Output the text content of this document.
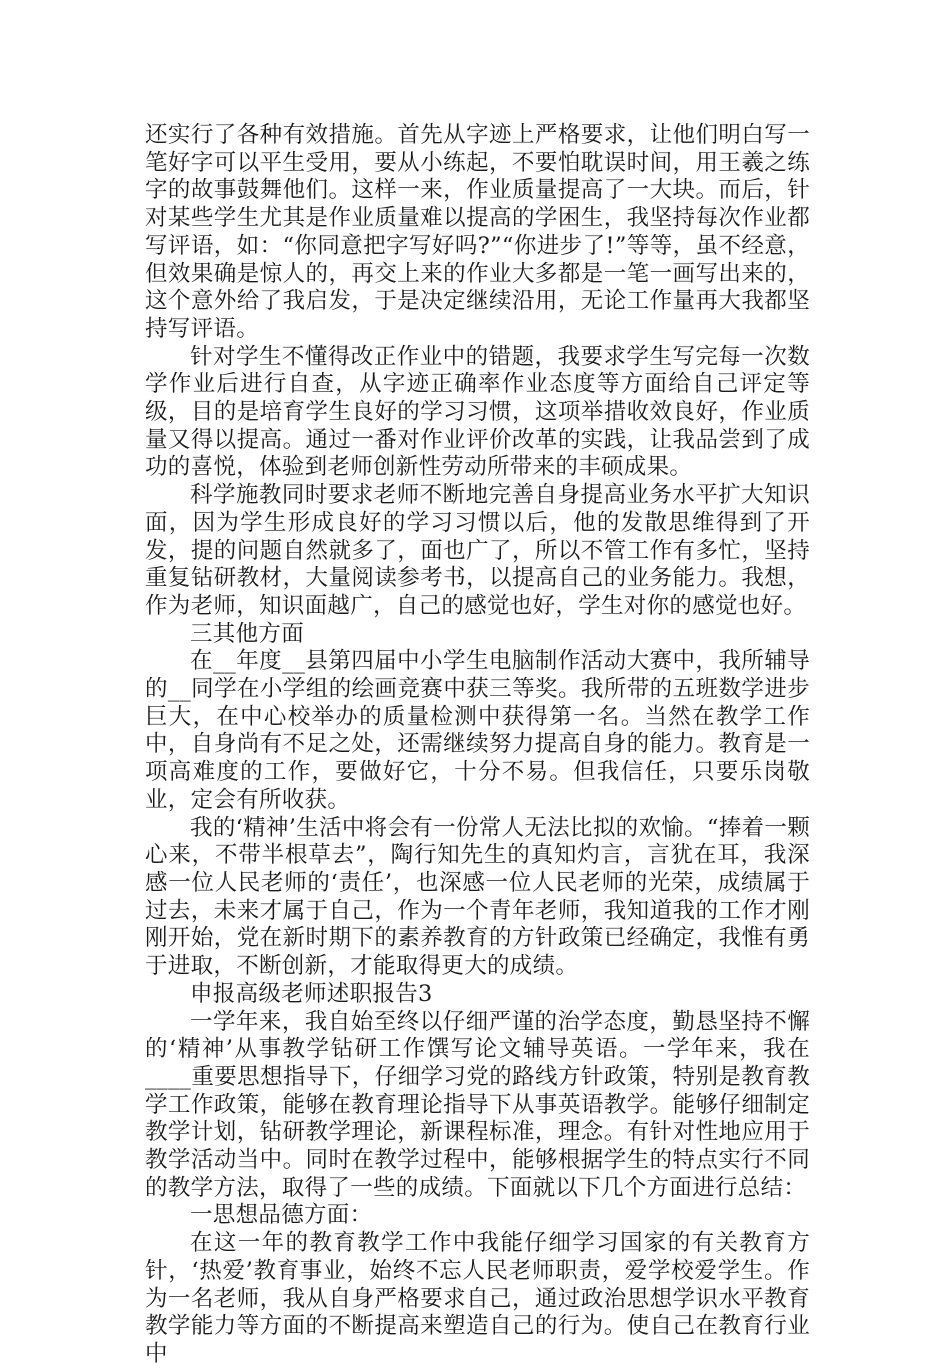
还实行了各种有效措施。首先从字迹上严格要求，让他们明白写一笔好字可以平生受用，要从小练起，不要怕耽误时间，用王羲之练字的故事鼓舞他们。这样一来，作业质量提高了一大块。而后，针对某些学生尤其是作业质量难以提高的学困生，我坚持每次作业都写评语，如：“你同意把字写好吗?”“你进步了!”等等，虽不经意，但效果确是惊人的，再交上来的作业大多都是一笔一画写出来的，这个意外给了我启发，于是决定继续沿用，无论工作量再大我都坚持写评语。

针对学生不懂得改正作业中的错题，我要求学生写完每一次数学作业后进行自查，从字迹正确率作业态度等方面给自己评定等级，目的是培育学生良好的学习习惯，这项举措收效良好，作业质量又得以提高。通过一番对作业评价改革的实践，让我品尝到了成功的喜悦，体验到老师创新性劳动所带来的丰硕成果。

科学施教同时要求老师不断地完善自身提高业务水平扩大知识面，因为学生形成良好的学习习惯以后，他的发散思维得到了开发，提的问题自然就多了，面也广了，所以不管工作有多忙，坚持重复钻研教材，大量阅读参考书，以提高自己的业务能力。我想，作为老师，知识面越广，自己的感觉也好，学生对你的感觉也好。

三其他方面

在__年度__县第四届中小学生电脑制作活动大赛中，我所辅导的__同学在小学组的绘画竞赛中获三等奖。我所带的五班数学进步巨大，在中心校举办的质量检测中获得第一名。当然在教学工作中，自身尚有不足之处，还需继续努力提高自身的能力。教育是一项高难度的工作，要做好它，十分不易。但我信任，只要乐岗敬业，定会有所收获。

我的‘精神’生活中将会有一份常人无法比拟的欢愉。“捧着一颗心来，不带半根草去”，陶行知先生的真知灼言，言犹在耳，我深感一位人民老师的‘责任’，也深感一位人民老师的光荣，成绩属于过去，未来才属于自己，作为一个青年老师，我知道我的工作才刚刚开始，党在新时期下的素养教育的方针政策已经确定，我惟有勇于进取，不断创新，才能取得更大的成绩。

申报高级老师述职报告3

一学年来，我自始至终以仔细严谨的治学态度，勤恳坚持不懈的‘精神’从事教学钻研工作馔写论文辅导英语。一学年来，我在____重要思想指导下，仔细学习党的路线方针政策，特别是教育教学工作政策，能够在教育理论指导下从事英语教学。能够仔细制定教学计划，钻研教学理论，新课程标准，理念。有针对性地应用于教学活动当中。同时在教学过程中，能够根据学生的特点实行不同的教学方法，取得了一些的成绩。下面就以下几个方面进行总结：

一思想品德方面：

在这一年的教育教学工作中我能仔细学习国家的有关教育方针，‘热爱’教育事业，始终不忘人民老师职责，爱学校爱学生。作为一名老师，我从自身严格要求自己，通过政治思想学识水平教育教学能力等方面的不断提高来塑造自己的行为。使自己在教育行业中
